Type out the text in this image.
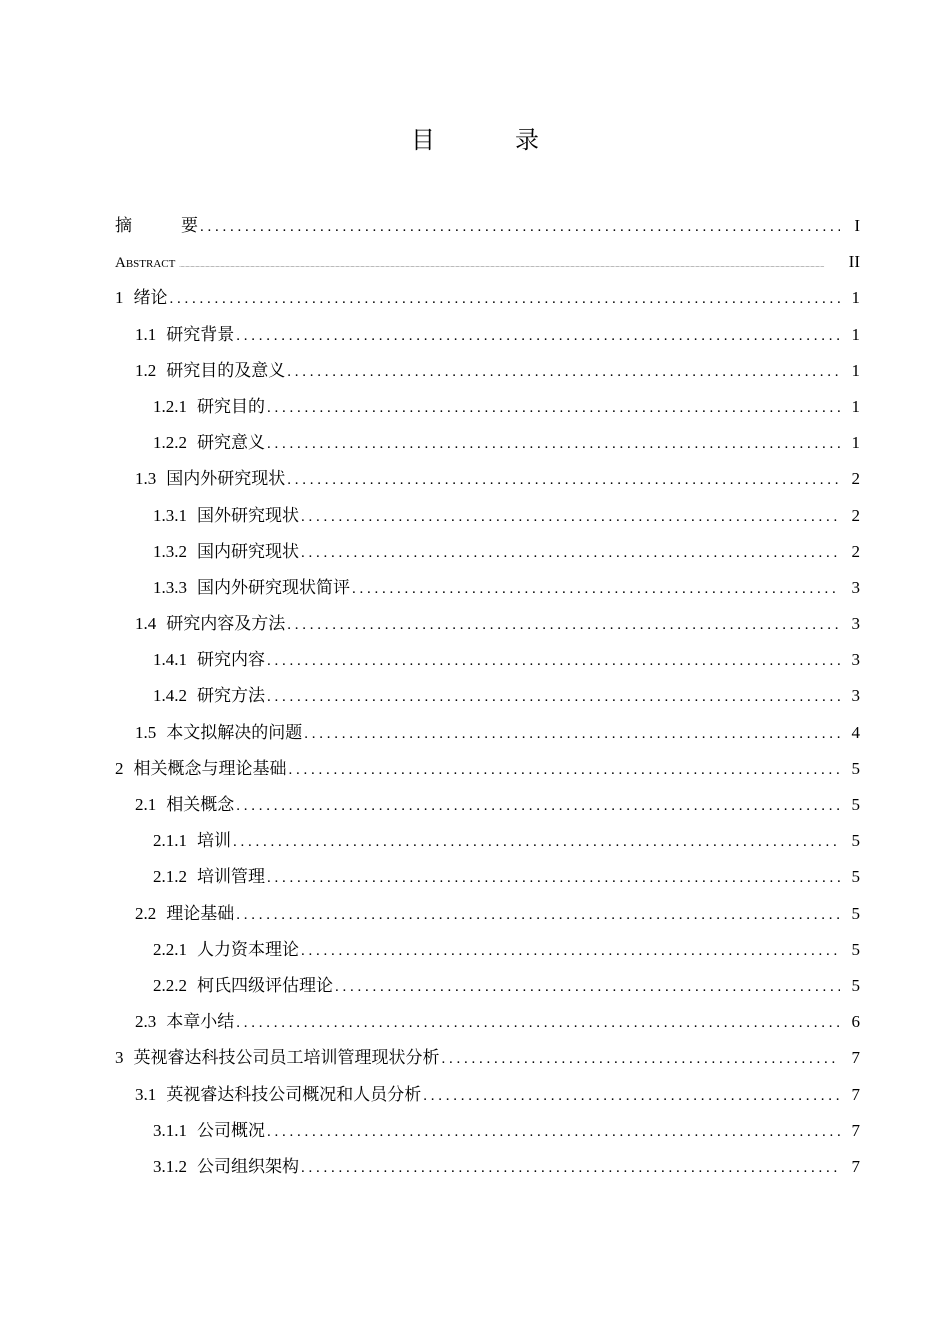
目　录
摘　要 . . .	I
Abstract .....	II
1 绪论 . . .	1
1.1 研究背景 . . .	1
1.2 研究目的及意义 . . .	1
1.2.1 研究目的 . . .	1
1.2.2 研究意义 . . .	1
1.3 国内外研究现状 . . .	2
1.3.1 国外研究现状 . . .	2
1.3.2 国内研究现状 . . .	2
1.3.3 国内外研究现状简评 . . .	3
1.4 研究内容及方法 . . .	3
1.4.1 研究内容 . . .	3
1.4.2 研究方法 . . .	3
1.5 本文拟解决的问题 . . .	4
2 相关概念与理论基础 . . .	5
2.1 相关概念 . . .	5
2.1.1 培训 . . .	5
2.1.2 培训管理 . . .	5
2.2 理论基础 . . .	5
2.2.1 人力资本理论 . . .	5
2.2.2 柯氏四级评估理论 . . .	5
2.3 本章小结 . . .	6
3 英视睿达科技公司员工培训管理现状分析 . . .	7
3.1 英视睿达科技公司概况和人员分析 . . .	7
3.1.1 公司概况 . . .	7
3.1.2 公司组织架构 . . .	7
